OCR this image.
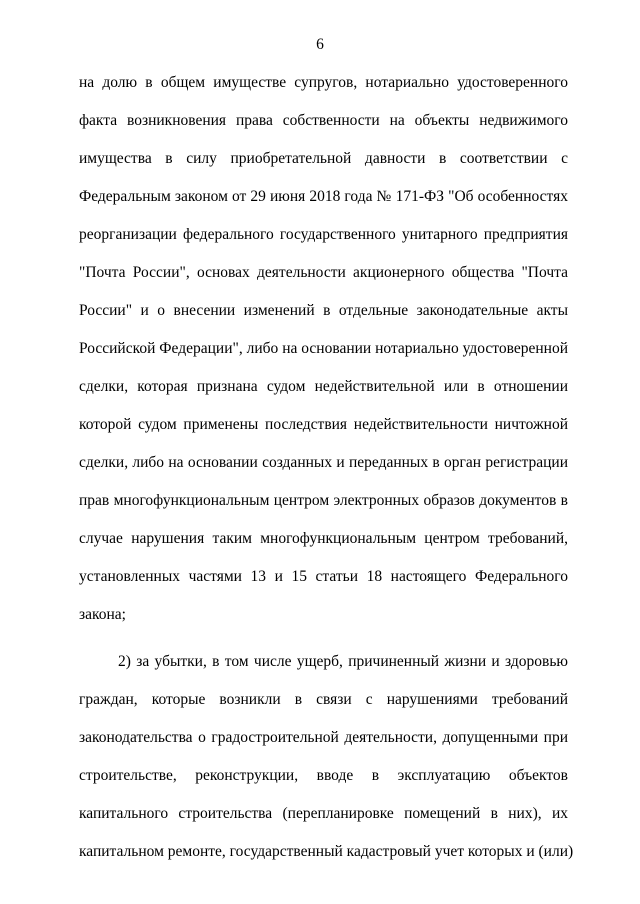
6
на долю в общем имуществе супругов, нотариально удостоверенного
факта возникновения права собственности на объекты недвижимого
имущества в силу приобретательной давности в соответствии с
Федеральным законом от 29 июня 2018 года № 171-ФЗ "Об особенностях
реорганизации федерального государственного унитарного предприятия
"Почта России", основах деятельности акционерного общества "Почта
России" и о внесении изменений в отдельные законодательные акты
Российской Федерации", либо на основании нотариально удостоверенной
сделки, которая признана судом недействительной или в отношении
которой судом применены последствия недействительности ничтожной
сделки, либо на основании созданных и переданных в орган регистрации
прав многофункциональным центром электронных образов документов в
случае нарушения таким многофункциональным центром требований,
установленных частями 13 и 15 статьи 18 настоящего Федерального
закона;
2) за убытки, в том числе ущерб, причиненный жизни и здоровью
граждан, которые возникли в связи с нарушениями требований
законодательства о градостроительной деятельности, допущенными при
строительстве, реконструкции, вводе в эксплуатацию объектов
капитального строительства (перепланировке помещений в них), их
капитальном ремонте, государственный кадастровый учет которых и (или)
